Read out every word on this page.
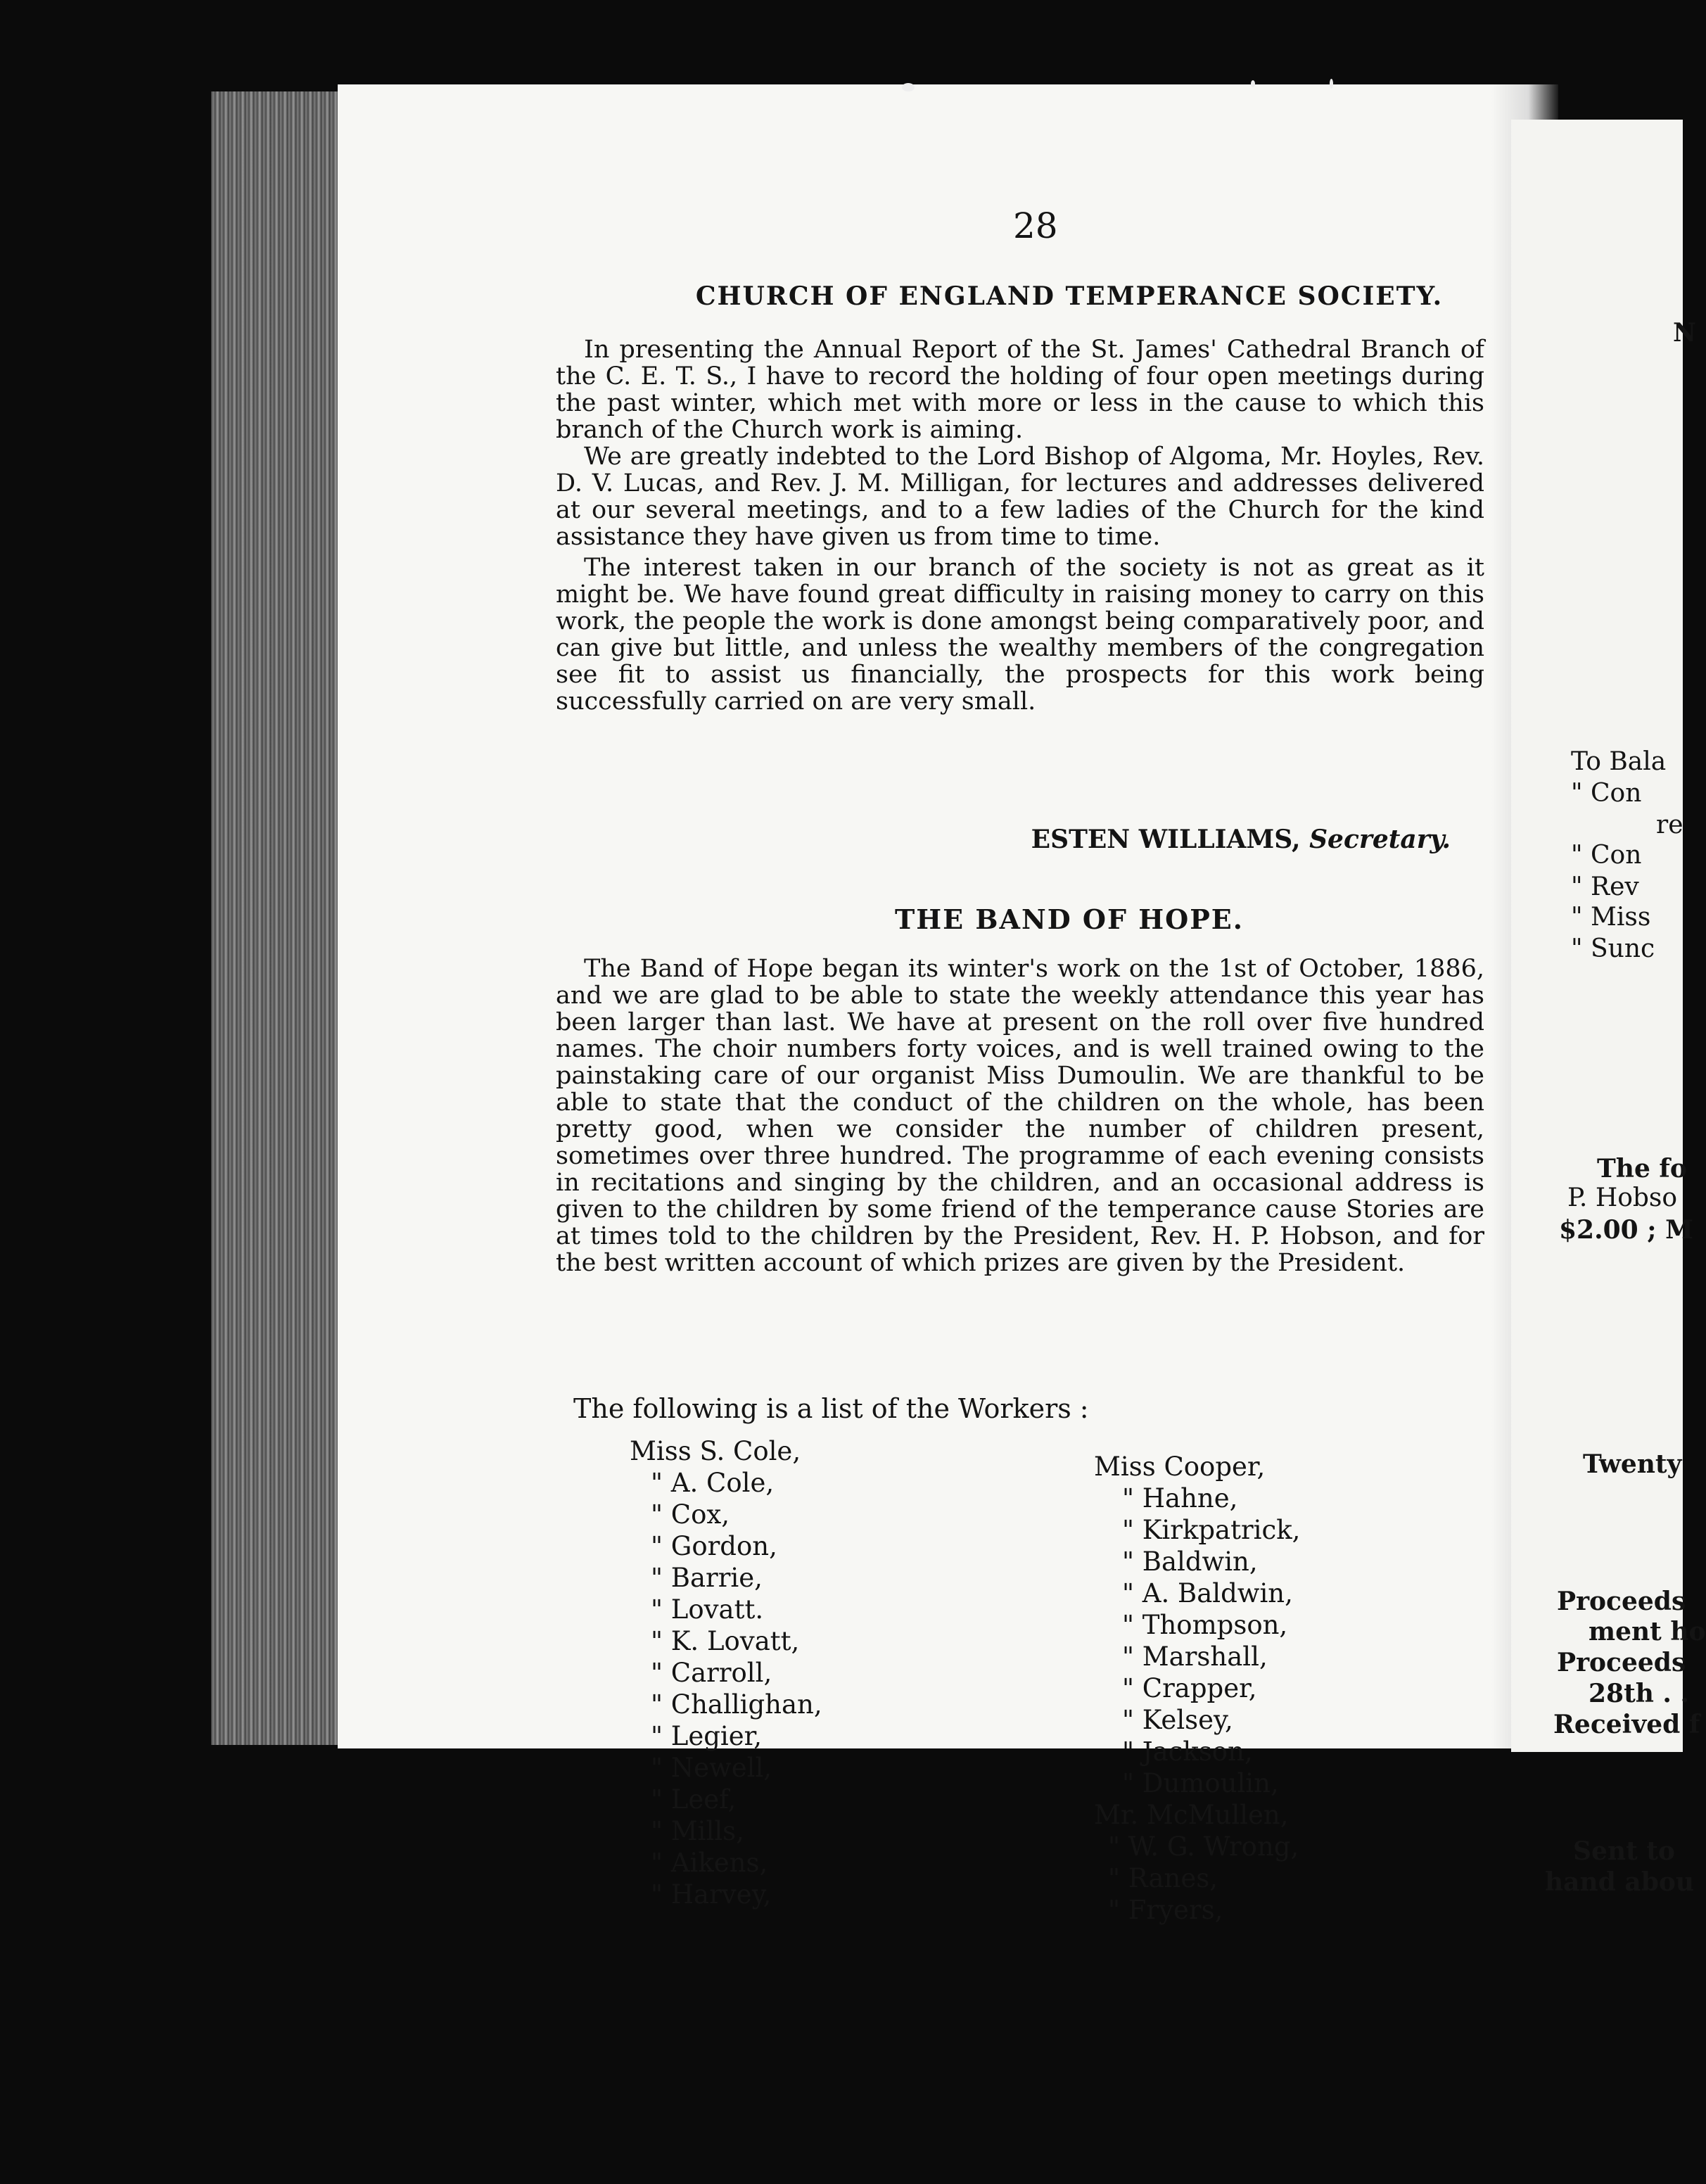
28
CHURCH OF ENGLAND TEMPERANCE SOCIETY.

In presenting the Annual Report of the St. James' Cathedral Branch of the C. E. T. S., I have to record the holding of four open meetings during the past winter, which met with more or less in the cause to which this branch of the Church work is aiming.

We are greatly indebted to the Lord Bishop of Algoma, Mr. Hoyles, Rev. D. V. Lucas, and Rev. J. M. Milligan, for lectures and addresses delivered at our several meetings, and to a few ladies of the Church for the kind assistance they have given us from time to time.

The interest taken in our branch of the society is not as great as it might be. We have found great difficulty in raising money to carry on this work, the people the work is done amongst being comparatively poor, and can give but little, and unless the wealthy members of the congregation see fit to assist us financially, the prospects for this work being successfully carried on are very small.

ESTEN WILLIAMS, Secretary.
THE BAND OF HOPE.

The Band of Hope began its winter's work on the 1st of October, 1886, and we are glad to be able to state the weekly attendance this year has been larger than last. We have at present on the roll over five hundred names. The choir numbers forty voices, and is well trained owing to the painstaking care of our organist Miss Dumoulin. We are thankful to be able to state that the conduct of the children on the whole, has been pretty good, when we consider the number of children present, sometimes over three hundred. The programme of each evening consists in recitations and singing by the children, and an occasional address is given to the children by some friend of the temperance cause Stories are at times told to the children by the President, Rev. H. P. Hobson, and for the best written account of which prizes are given by the President.

The following is a list of the Workers :
Miss S. Cole,
" A. Cole,
" Cox,
" Gordon,
" Barrie,
" Lovatt.
" K. Lovatt,
" Carroll,
" Challighan,
" Legier,
" Newell,
" Leef,
" Mills,
" Aikens,
" Harvey,
Miss Cooper,
" Hahne,
" Kirkpatrick,
" Baldwin,
" A. Baldwin,
" Thompson,
" Marshall,
" Crapper,
" Kelsey,
" Jackson,
" Dumoulin,
Mr. McMullen,
" W. G. Wrong,
" Ranes,
" Fryers,
N
To Bala
" Con
re
" Con
" Rev
" Miss
" Sunc
The fo
P. Hobso
$2.00 ; M
Twenty
Proceeds
ment ho
Proceeds
28th . .
Received f
Sent to
hand abou
